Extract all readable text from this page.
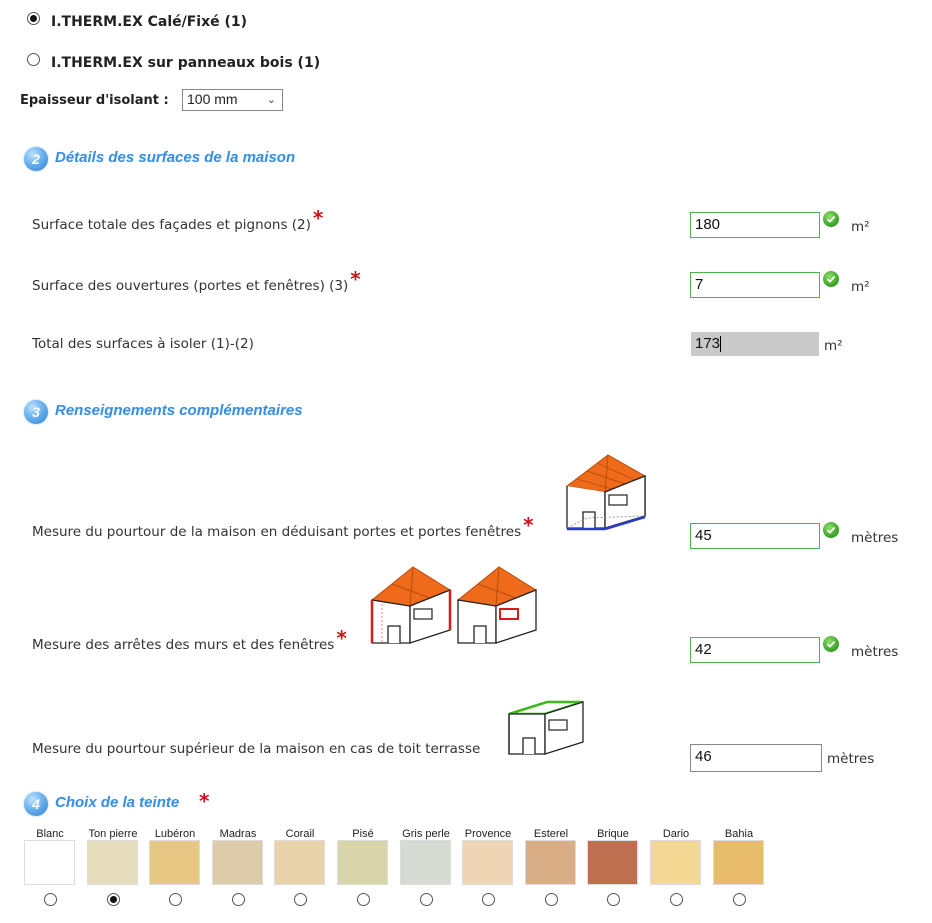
I.THERM.EX Calé/Fixé (1)
I.THERM.EX sur panneaux bois (1)
Epaisseur d'isolant :	100 mm	⌄
2	Détails des surfaces de la maison
Surface totale des façades et pignons (2) *	180	m²
Surface des ouvertures (portes et fenêtres) (3) *	7	m²
Total des surfaces à isoler (1)-(2)	173	m²
3	Renseignements complémentaires
Mesure du pourtour de la maison en déduisant portes et portes fenêtres *	45	mètres
Mesure des arrêtes des murs et des fenêtres *	42	mètres
Mesure du pourtour supérieur de la maison en cas de toit terrasse	46	mètres
4	Choix de la teinte *
Blanc	Ton pierre	Lubéron	Madras	Corail	Pisé	Gris perle	Provence	Esterel	Brique	Dario	Bahia
